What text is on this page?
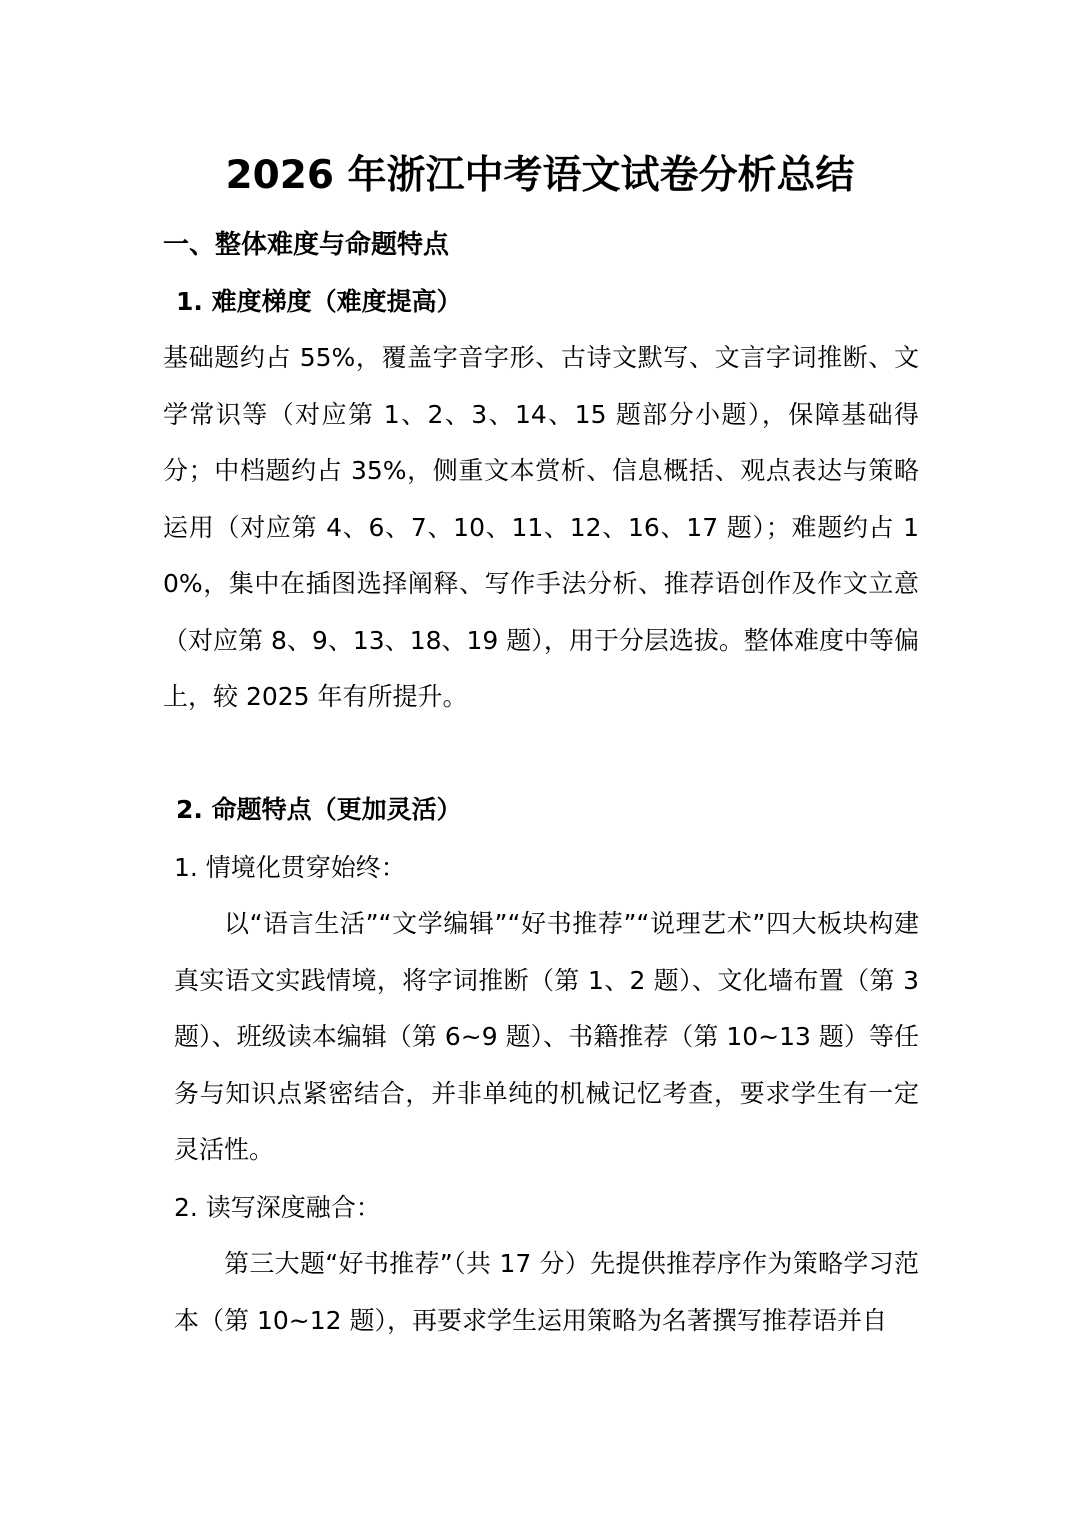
2026 年浙江中考语文试卷分析总结
一、整体难度与命题特点
1. 难度梯度（难度提高）
基础题约占 55%，覆盖字音字形、古诗文默写、文言字词推断、文学常识等（对应第 1、2、3、14、15 题部分小题），保障基础得分；中档题约占 35%，侧重文本赏析、信息概括、观点表达与策略运用（对应第 4、6、7、10、11、12、16、17 题）；难题约占 10%，集中在插图选择阐释、写作手法分析、推荐语创作及作文立意（对应第 8、9、13、18、19 题），用于分层选拔。整体难度中等偏上，较 2025 年有所提升。
2. 命题特点（更加灵活）
1. 情境化贯穿始终：
以“语言生活”“文学编辑”“好书推荐”“说理艺术”四大板块构建真实语文实践情境，将字词推断（第 1、2 题）、文化墙布置（第 3 题）、班级读本编辑（第 6~9 题）、书籍推荐（第 10~13 题）等任务与知识点紧密结合，并非单纯的机械记忆考查，要求学生有一定灵活性。
2. 读写深度融合：
第三大题“好书推荐”（共 17 分）先提供推荐序作为策略学习范本（第 10~12 题），再要求学生运用策略为名著撰写推荐语并自
